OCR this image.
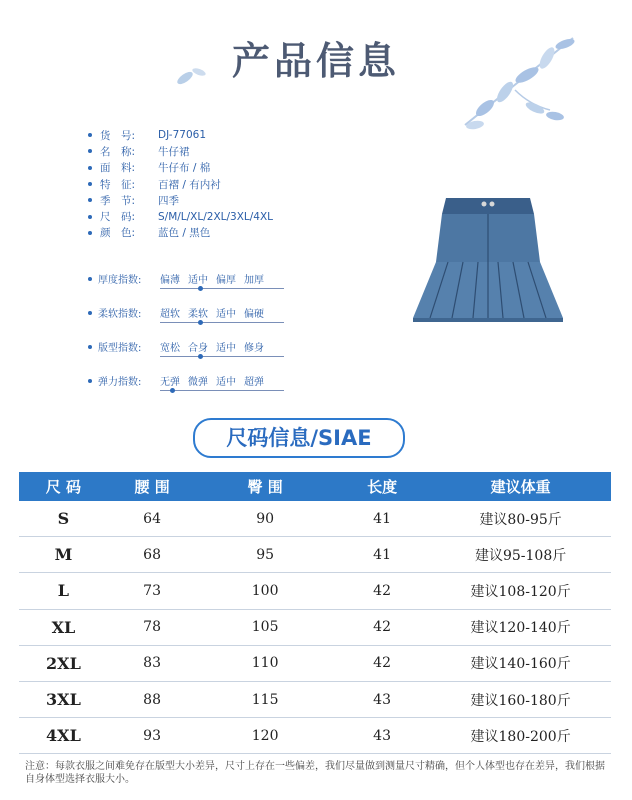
产品信息
货　号:	DJ-77061
名　称:	牛仔裙
面　料:	牛仔布 / 棉
特　征:	百褶 / 有内衬
季　节:	四季
尺　码:	S/M/L/XL/2XL/3XL/4XL
颜　色:	蓝色 / 黑色
厚度指数: 偏薄 适中 偏厚 加厚
柔软指数: 超软 柔软 适中 偏硬
版型指数: 宽松 合身 适中 修身
弹力指数: 无弹 微弹 适中 超弹
尺码信息/SIAE
尺 码	腰 围	臀 围	长度	建议体重
S	64	90	41	建议80-95斤
M	68	95	41	建议95-108斤
L	73	100	42	建议108-120斤
XL	78	105	42	建议120-140斤
2XL	83	110	42	建议140-160斤
3XL	88	115	43	建议160-180斤
4XL	93	120	43	建议180-200斤
注意：每款衣服之间难免存在版型大小差异，尺寸上存在一些偏差，我们尽量做到测量尺寸精确，但个人体型也存在差异，我们根据自身体型选择衣服大小。
